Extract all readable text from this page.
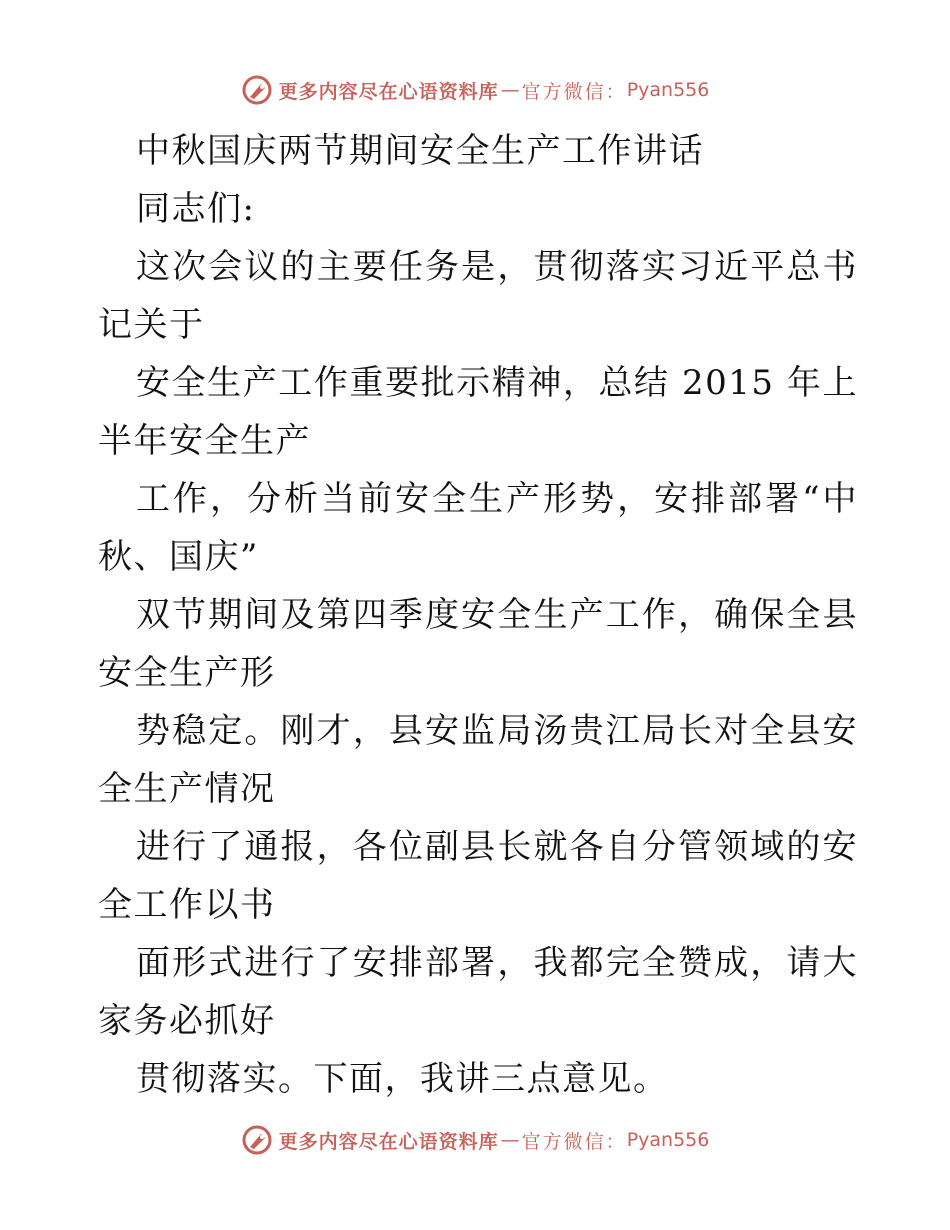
更多内容尽在心语资料库 — 官方微信： Pyan556

中秋国庆两节期间安全生产工作讲话

同志们:

这次会议的主要任务是，贯彻落实习近平总书记关于

安全生产工作重要批示精神，总结 2015 年上半年安全生产

工作，分析当前安全生产形势，安排部署“中秋、国庆”

双节期间及第四季度安全生产工作，确保全县安全生产形

势稳定。刚才，县安监局汤贵江局长对全县安全生产情况

进行了通报，各位副县长就各自分管领域的安全工作以书

面形式进行了安排部署，我都完全赞成，请大家务必抓好

贯彻落实。下面，我讲三点意见。

更多内容尽在心语资料库 — 官方微信： Pyan556
